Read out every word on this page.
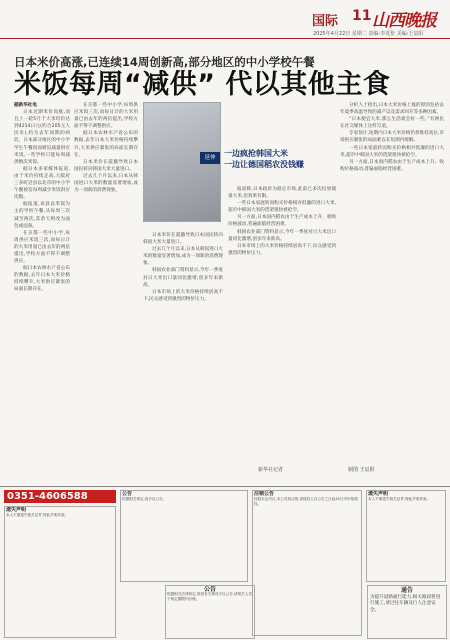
国际 11 山西晚报
2025年4月22日 星期二 责编:李兆伦 美编:王辰阳
日本米价高涨,已连续14周创新高,部分地区的中小学校午餐
米饭每周“减供” 代以其他主食

据新华社电

日本近期米价高涨,而且上一轮5月于大米均价达到4214日元(约合205元人民币),约为去年同期的两倍。日本部分地区的中小学学生午餐因而被迫减量供应米饭,一些学校只能每周减供数次米饭。

据日本多家媒体报道,由于米价持续走高,大阪府三多町近县以北市的中小学午餐被迫每周减少米饭供应次数。

据报道,该县以米饭为主的学校午餐,从每周三次减至两次,其余天则改为面包或面条。

在京都一些中小学,每周供应米饭三次,而每日计的大米用量已由去年的两倍提出,学校方面不得不调整供应。

据日本农林水产省公布的数据,去年日本大米价格持续攀升,大米供应紧张的局面长期存在。

在京都一些中小学,每周供应米饭三次,而每日计的大米用量已由去年的两倍提出,学校方面不得不调整供应。

据日本农林水产省公布的数据,去年日本大米价格持续攀升,大米供应紧张的局面长期存在。

日本米价在震撼导致日本国民转向韩国大米大量进口。

过去几个月以来,日本从韩国进口大米的数量显著增加,成为一项新的消费现象。

延伸	一边疯抢韩国大米
一边让德国稻农没钱赚

日本米价在震撼导致日本国民转向韩国大米大量进口。

过去几个月以来,日本从韩国进口大米的数量显著增加,成为一项新的消费现象。

韩国农业部门资料显示,今年一季度对日大米出口量同比激增,创多年来新高。

日本市场上的大米价格持续居高不下,民众感受到强烈的物价压力。

报道称,日本政府为稳定市场,此前已多次投放储备大米,但效果有限。

一些日本家庭转而购买价格相对低廉的进口大米,超市中韩国大米的货架很快被抢空。

另一方面,日本国内稻农由于生产成本上升、收购价格波动,普遍面临经营困难。

韩国农业部门资料显示,今年一季度对日大米出口量同比激增,创多年来新高。

日本市场上的大米价格持续居高不下,民众感受到强烈的物价压力。

分析人士指出,日本大米价格上涨的原因包括去年夏季高温导致的减产以及需求回升等多种因素。

“日本便宜大米,那么生活就会好一些。”有网民在社交媒体上这样写道。

专家预计,短期内日本大米价格仍将维持高位,市场供应紧张的局面难以在短期内缓解。

一些日本家庭转而购买价格相对低廉的进口大米,超市中韩国大米的货架很快被抢空。

另一方面,日本国内稻农由于生产成本上升、收购价格波动,普遍面临经营困难。

新华社记者	制图 王辰阳
0351-4606588
遗失声明
本人不慎遗失相关证件,特此声明作废。
公告
依据相关规定,现予以公告。
注销公告
经股东会决议,本公司拟注销,请债权人自公告之日起45日内申报债权。
遗失声明
本人不慎遗失相关证件,特此声明作废。
公告
根据相关法律规定,现将有关事项予以公告,请相关人员于规定期限内办理。
通告
为提升道路通行能力,相关路段将进行施工,请过往车辆及行人注意安全。
